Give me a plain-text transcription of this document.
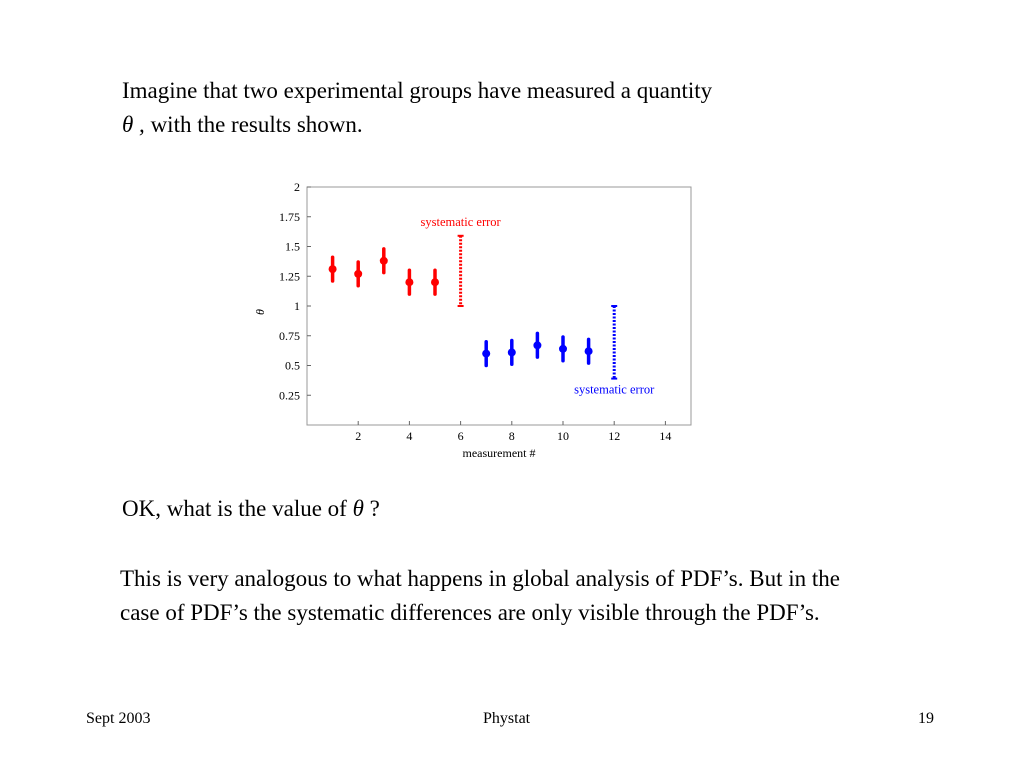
Imagine that two experimental groups have measured a quantity
θ , with the results shown.
0.25
0.5
0.75
1
1.25
1.5
1.75
2
2	4	6	8	10	12	14
systematic error
systematic error
measurement #
θ
OK, what is the value of θ ?
This is very analogous to what happens in global analysis of PDF’s. But in the case of PDF’s the systematic differences are only visible through the PDF’s.
Sept 2003	Phystat	19
